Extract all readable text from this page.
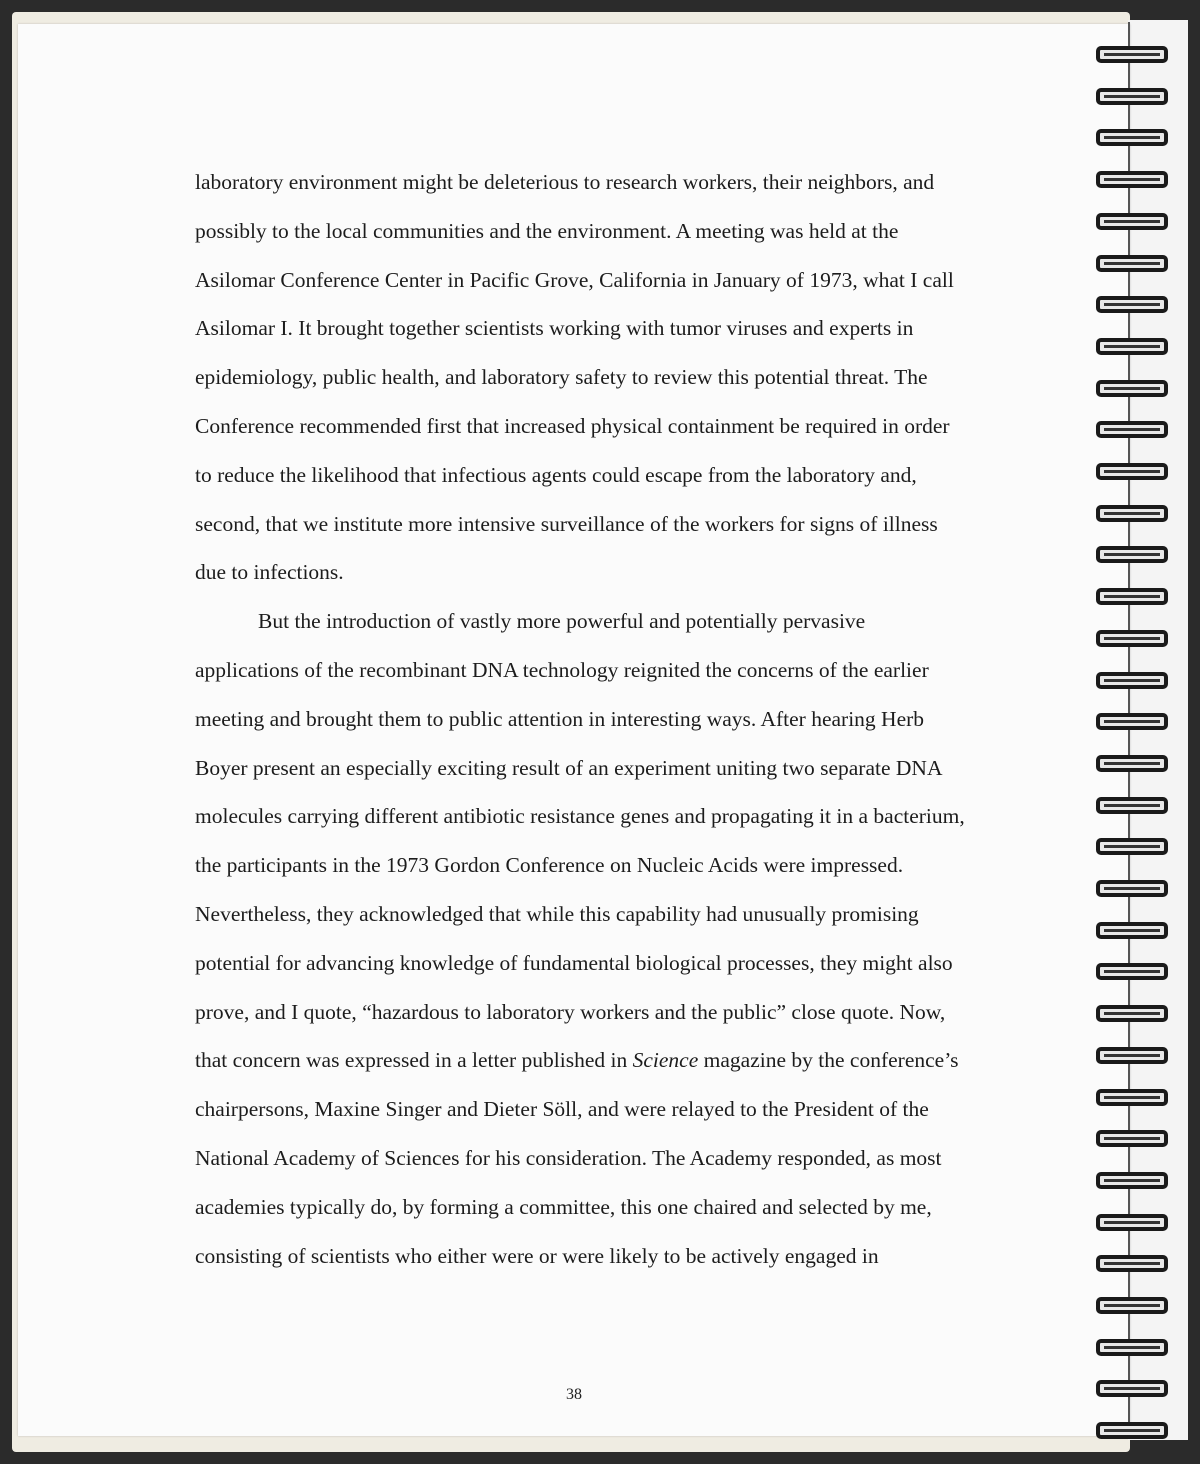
laboratory environment might be deleterious to research workers, their neighbors, and
possibly to the local communities and the environment. A meeting was held at the
Asilomar Conference Center in Pacific Grove, California in January of 1973, what I call
Asilomar I. It brought together scientists working with tumor viruses and experts in
epidemiology, public health, and laboratory safety to review this potential threat. The
Conference recommended first that increased physical containment be required in order
to reduce the likelihood that infectious agents could escape from the laboratory and,
second, that we institute more intensive surveillance of the workers for signs of illness
due to infections.
But the introduction of vastly more powerful and potentially pervasive
applications of the recombinant DNA technology reignited the concerns of the earlier
meeting and brought them to public attention in interesting ways. After hearing Herb
Boyer present an especially exciting result of an experiment uniting two separate DNA
molecules carrying different antibiotic resistance genes and propagating it in a bacterium,
the participants in the 1973 Gordon Conference on Nucleic Acids were impressed.
Nevertheless, they acknowledged that while this capability had unusually promising
potential for advancing knowledge of fundamental biological processes, they might also
prove, and I quote, “hazardous to laboratory workers and the public” close quote. Now,
that concern was expressed in a letter published in Science magazine by the conference’s
chairpersons, Maxine Singer and Dieter Söll, and were relayed to the President of the
National Academy of Sciences for his consideration. The Academy responded, as most
academies typically do, by forming a committee, this one chaired and selected by me,
consisting of scientists who either were or were likely to be actively engaged in
38
